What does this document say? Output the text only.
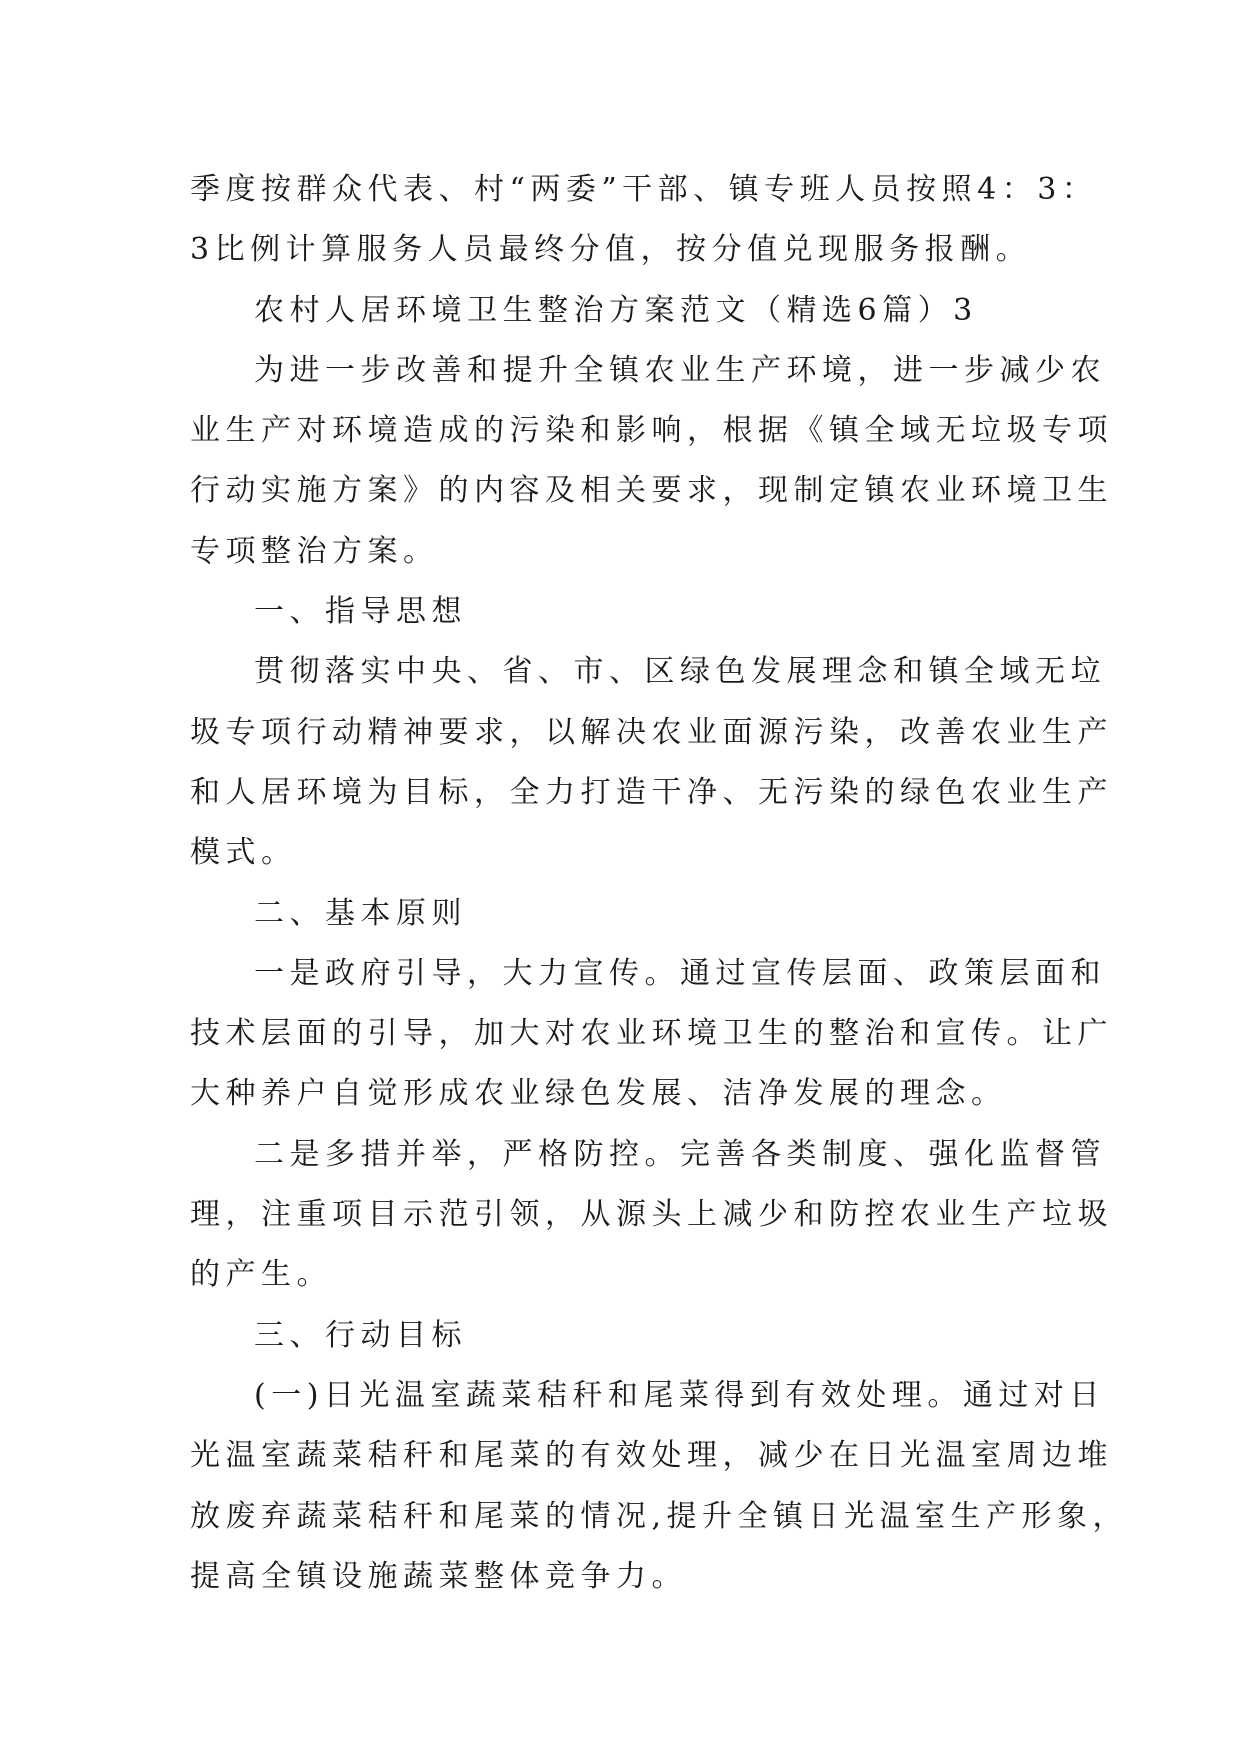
季度按群众代表、村“两委”干部、镇专班人员按照4：3：
3比例计算服务人员最终分值，按分值兑现服务报酬。
农村人居环境卫生整治方案范文（精选6篇）3
为进一步改善和提升全镇农业生产环境，进一步减少农
业生产对环境造成的污染和影响，根据《镇全域无垃圾专项
行动实施方案》的内容及相关要求，现制定镇农业环境卫生
专项整治方案。
一、指导思想
贯彻落实中央、省、市、区绿色发展理念和镇全域无垃
圾专项行动精神要求，以解决农业面源污染，改善农业生产
和人居环境为目标，全力打造干净、无污染的绿色农业生产
模式。
二、基本原则
一是政府引导，大力宣传。通过宣传层面、政策层面和
技术层面的引导，加大对农业环境卫生的整治和宣传。让广
大种养户自觉形成农业绿色发展、洁净发展的理念。
二是多措并举，严格防控。完善各类制度、强化监督管
理，注重项目示范引领，从源头上减少和防控农业生产垃圾
的产生。
三、行动目标
(一)日光温室蔬菜秸秆和尾菜得到有效处理。通过对日
光温室蔬菜秸秆和尾菜的有效处理，减少在日光温室周边堆
放废弃蔬菜秸秆和尾菜的情况,提升全镇日光温室生产形象，
提高全镇设施蔬菜整体竞争力。
